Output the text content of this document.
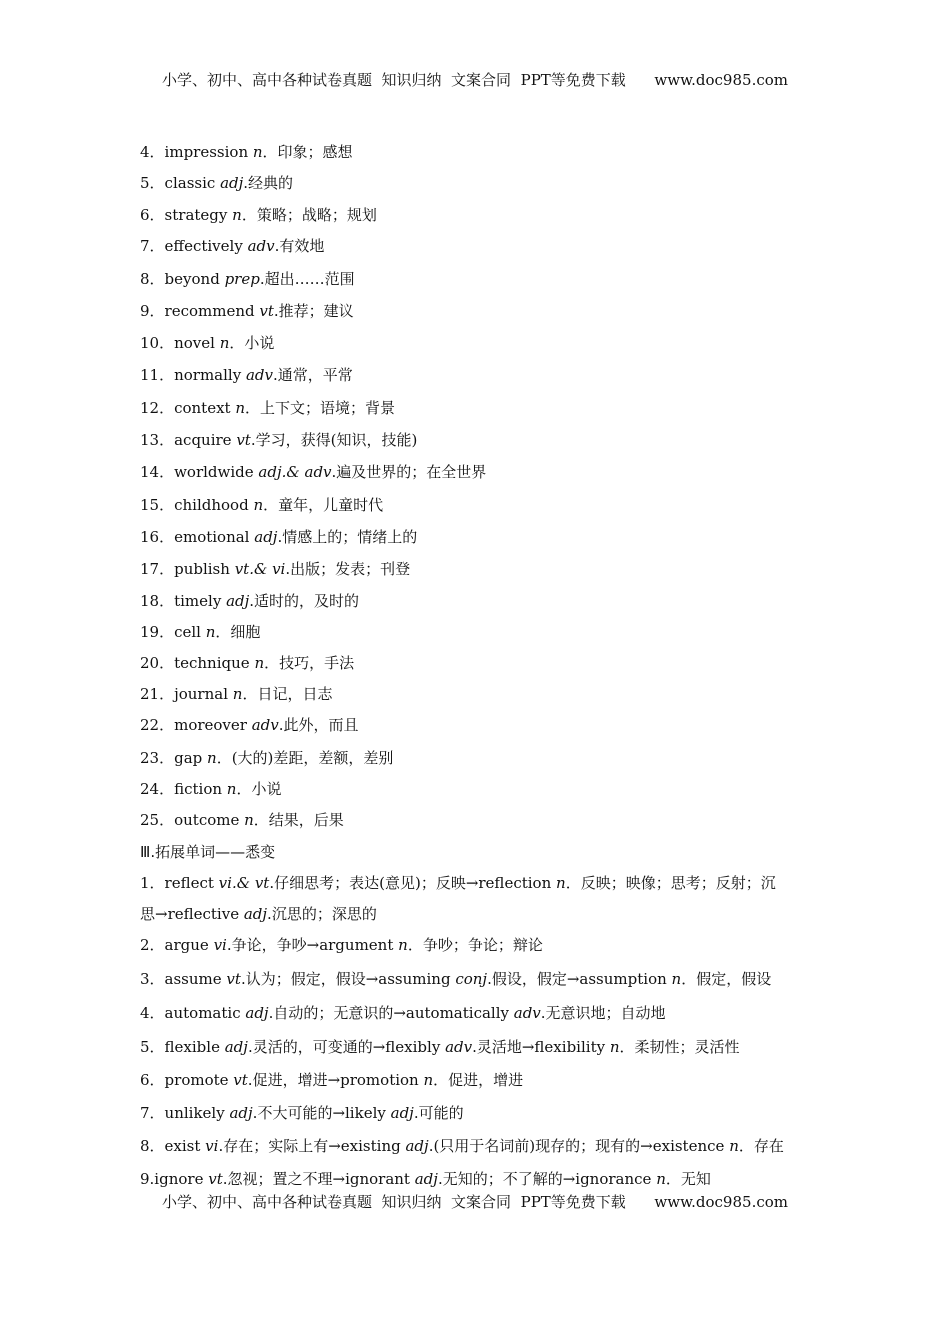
小学、初中、高中各种试卷真题  知识归纳  文案合同  PPT等免费下载      www.doc985.com
4．impression n．印象；感想
5．classic adj.经典的
6．strategy n．策略；战略；规划
7．effectively adv.有效地
8．beyond prep.超出……范围
9．recommend vt.推荐；建议
10．novel n．小说
11．normally adv.通常，平常
12．context n．上下文；语境；背景
13．acquire vt.学习，获得(知识，技能)
14．worldwide adj.& adv.遍及世界的；在全世界
15．childhood n．童年，儿童时代
16．emotional adj.情感上的；情绪上的
17．publish vt.& vi.出版；发表；刊登
18．timely adj.适时的，及时的
19．cell n．细胞
20．technique n．技巧，手法
21．journal n．日记，日志
22．moreover adv.此外，而且
23．gap n．(大的)差距，差额，差别
24．fiction n．小说
25．outcome n．结果，后果
Ⅲ.拓展单词——悉变
1．reflect vi.& vt.仔细思考；表达(意见)；反映→reflection n．反映；映像；思考；反射；沉
思→reflective adj.沉思的；深思的
2．argue vi.争论，争吵→argument n．争吵；争论；辩论
3．assume vt.认为；假定，假设→assuming conj.假设，假定→assumption n．假定，假设
4．automatic adj.自动的；无意识的→automatically adv.无意识地；自动地
5．flexible adj.灵活的，可变通的→flexibly adv.灵活地→flexibility n．柔韧性；灵活性
6．promote vt.促进，增进→promotion n．促进，增进
7．unlikely adj.不大可能的→likely adj.可能的
8．exist vi.存在；实际上有→existing adj.(只用于名词前)现存的；现有的→existence n．存在
9.ignore vt.忽视；置之不理→ignorant adj.无知的；不了解的→ignorance n．无知
小学、初中、高中各种试卷真题  知识归纳  文案合同  PPT等免费下载      www.doc985.com
